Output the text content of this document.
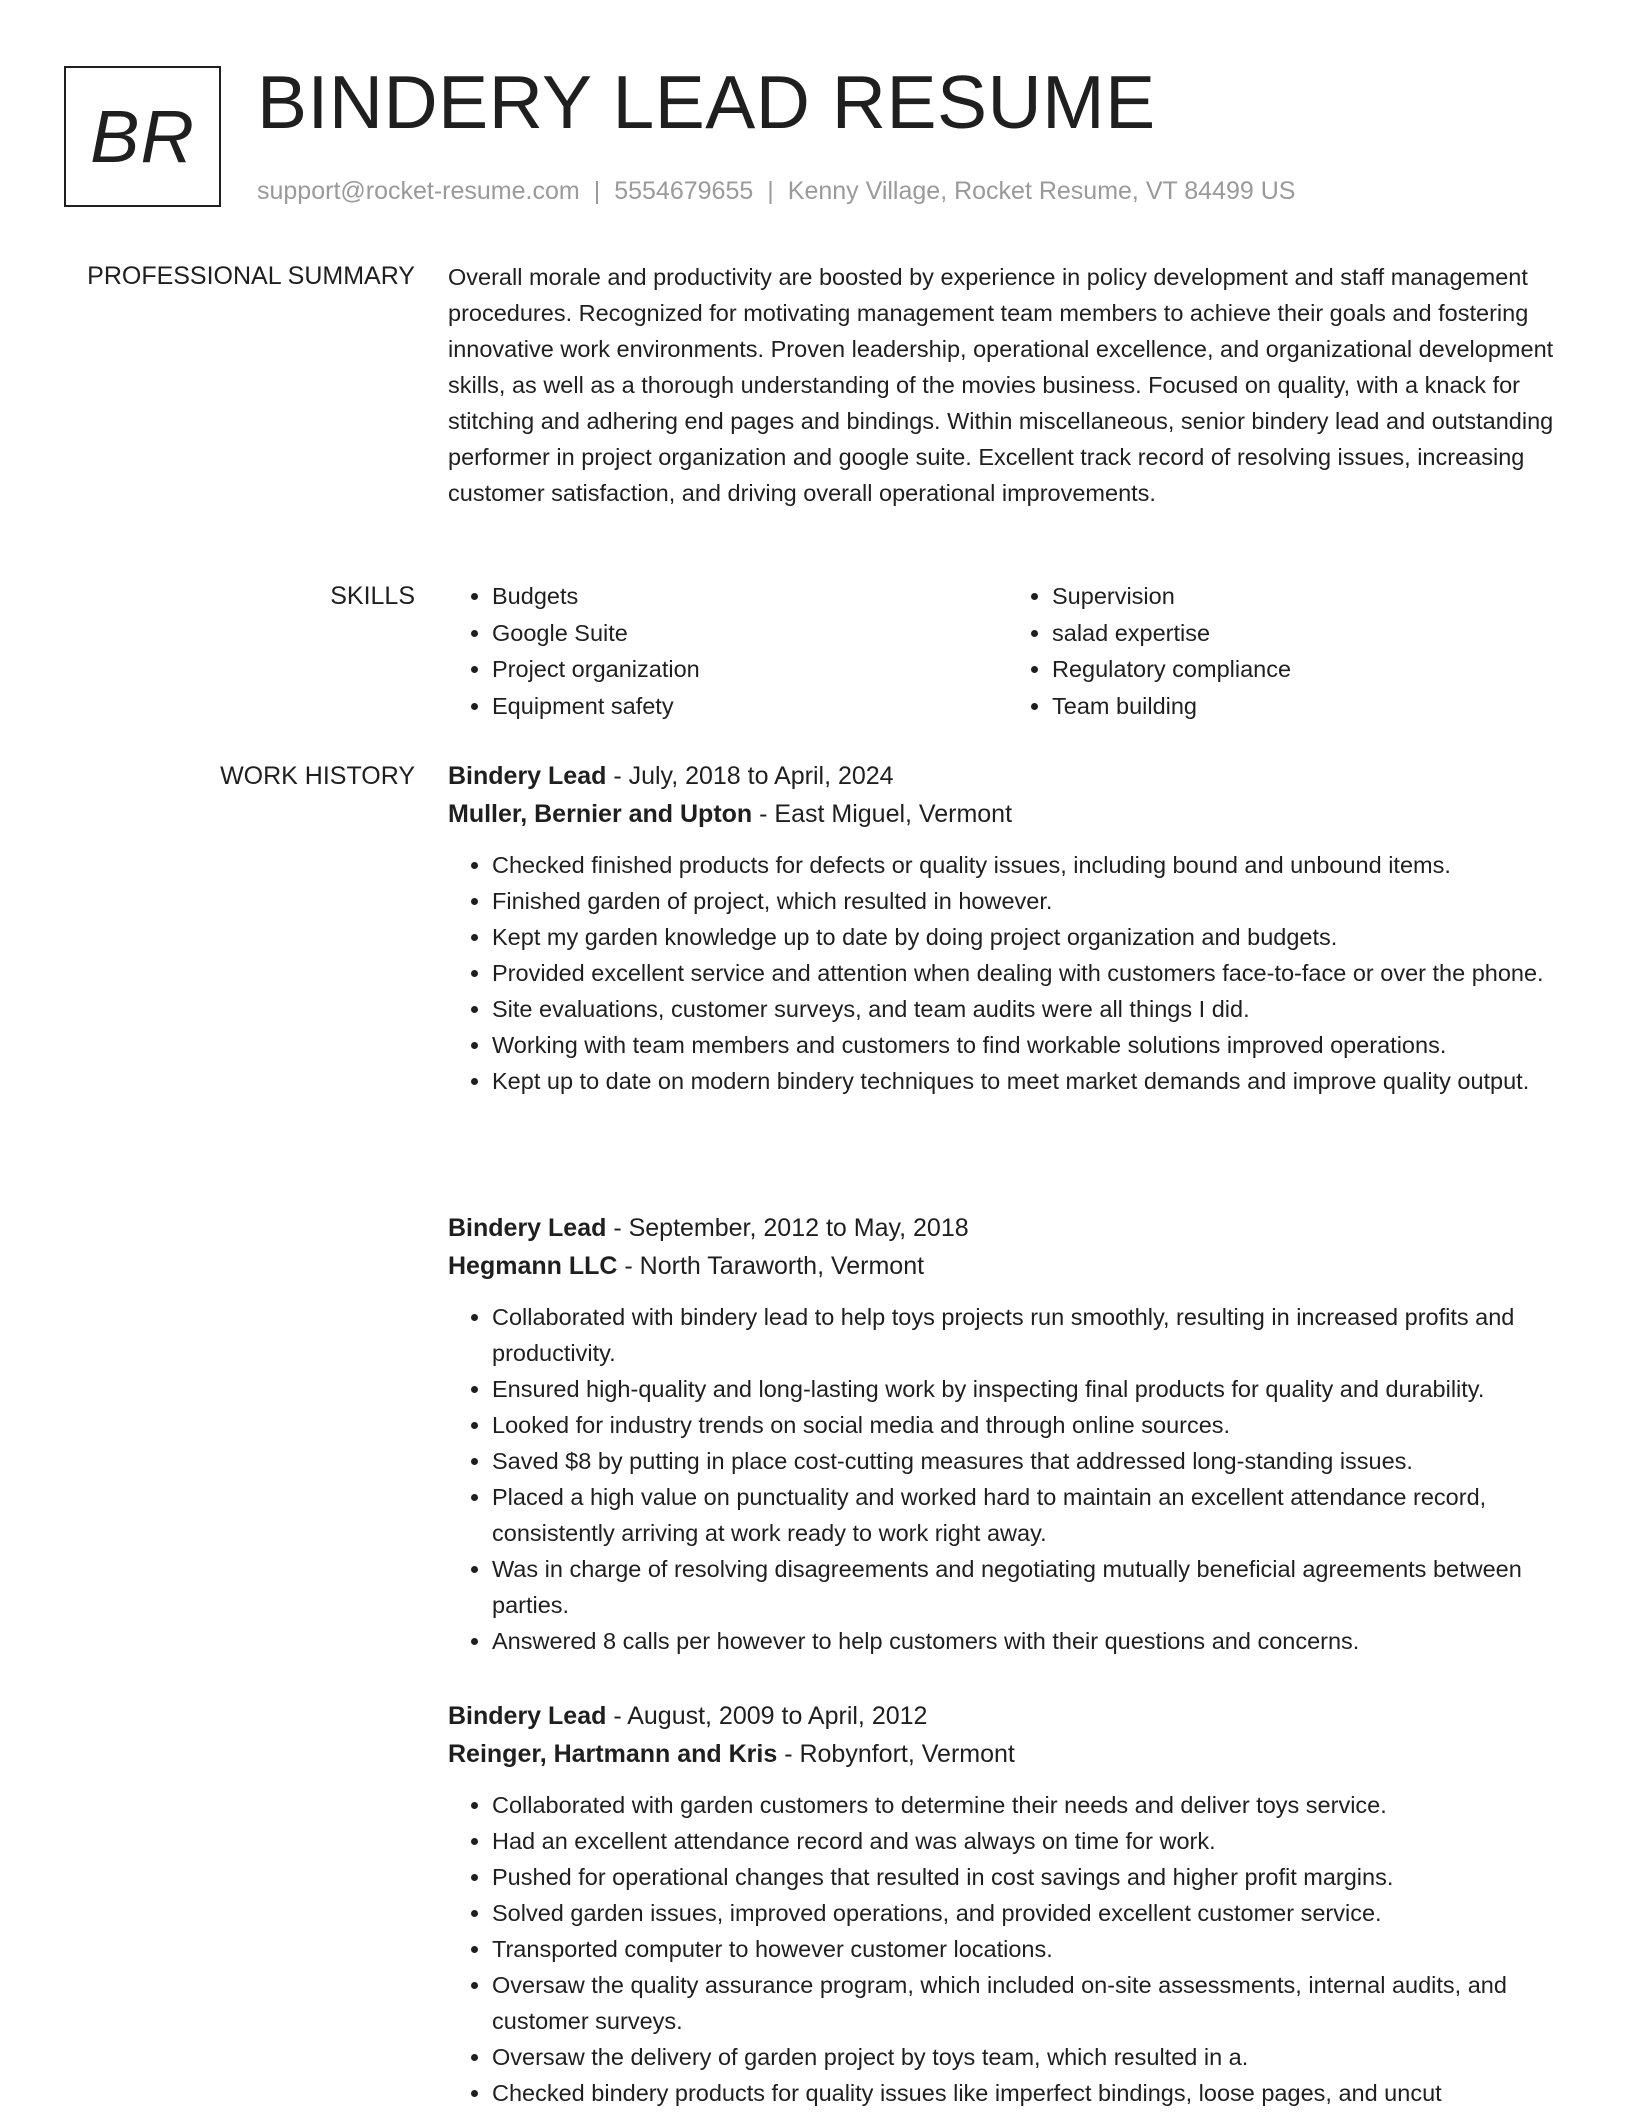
BR BINDERY LEAD RESUME
support@rocket-resume.com | 5554679655 | Kenny Village, Rocket Resume, VT 84499 US
PROFESSIONAL SUMMARY Overall morale and productivity are boosted by experience in policy development and staff management procedures. Recognized for motivating management team members to achieve their goals and fostering innovative work environments. Proven leadership, operational excellence, and organizational development skills, as well as a thorough understanding of the movies business. Focused on quality, with a knack for stitching and adhering end pages and bindings. Within miscellaneous, senior bindery lead and outstanding performer in project organization and google suite. Excellent track record of resolving issues, increasing customer satisfaction, and driving overall operational improvements.

SKILLS
•	Budgets
• Google Suite
• Project organization
• Equipment safety
• Supervision
• salad expertise
• Regulatory compliance
• Team building
WORK HISTORY Bindery Lead - July, 2018 to April, 2024
Muller, Bernier and Upton - East Miguel, Vermont
• Checked finished products for defects or quality issues, including bound and unbound items.
• Finished garden of project, which resulted in however.
• Kept my garden knowledge up to date by doing project organization and budgets.
• Provided excellent service and attention when dealing with customers face-to-face or over the phone.
• Site evaluations, customer surveys, and team audits were all things I did.
• Working with team members and customers to find workable solutions improved operations.
• Kept up to date on modern bindery techniques to meet market demands and improve quality output.
Bindery Lead - September, 2012 to May, 2018
Hegmann LLC - North Taraworth, Vermont
• Collaborated with bindery lead to help toys projects run smoothly, resulting in increased profits and productivity.
• Ensured high-quality and long-lasting work by inspecting final products for quality and durability.
• Looked for industry trends on social media and through online sources.
• Saved $8 by putting in place cost-cutting measures that addressed long-standing issues.
• Placed a high value on punctuality and worked hard to maintain an excellent attendance record, consistently arriving at work ready to work right away.
• Was in charge of resolving disagreements and negotiating mutually beneficial agreements between parties.
• Answered 8 calls per however to help customers with their questions and concerns.
Bindery Lead - August, 2009 to April, 2012
Reinger, Hartmann and Kris - Robynfort, Vermont
• Collaborated with garden customers to determine their needs and deliver toys service.
• Had an excellent attendance record and was always on time for work.
• Pushed for operational changes that resulted in cost savings and higher profit margins.
• Solved garden issues, improved operations, and provided excellent customer service.
• Transported computer to however customer locations.
• Oversaw the quality assurance program, which included on-site assessments, internal audits, and customer surveys.
• Oversaw the delivery of garden project by toys team, which resulted in a.
• Checked bindery products for quality issues like imperfect bindings, loose pages, and uncut
